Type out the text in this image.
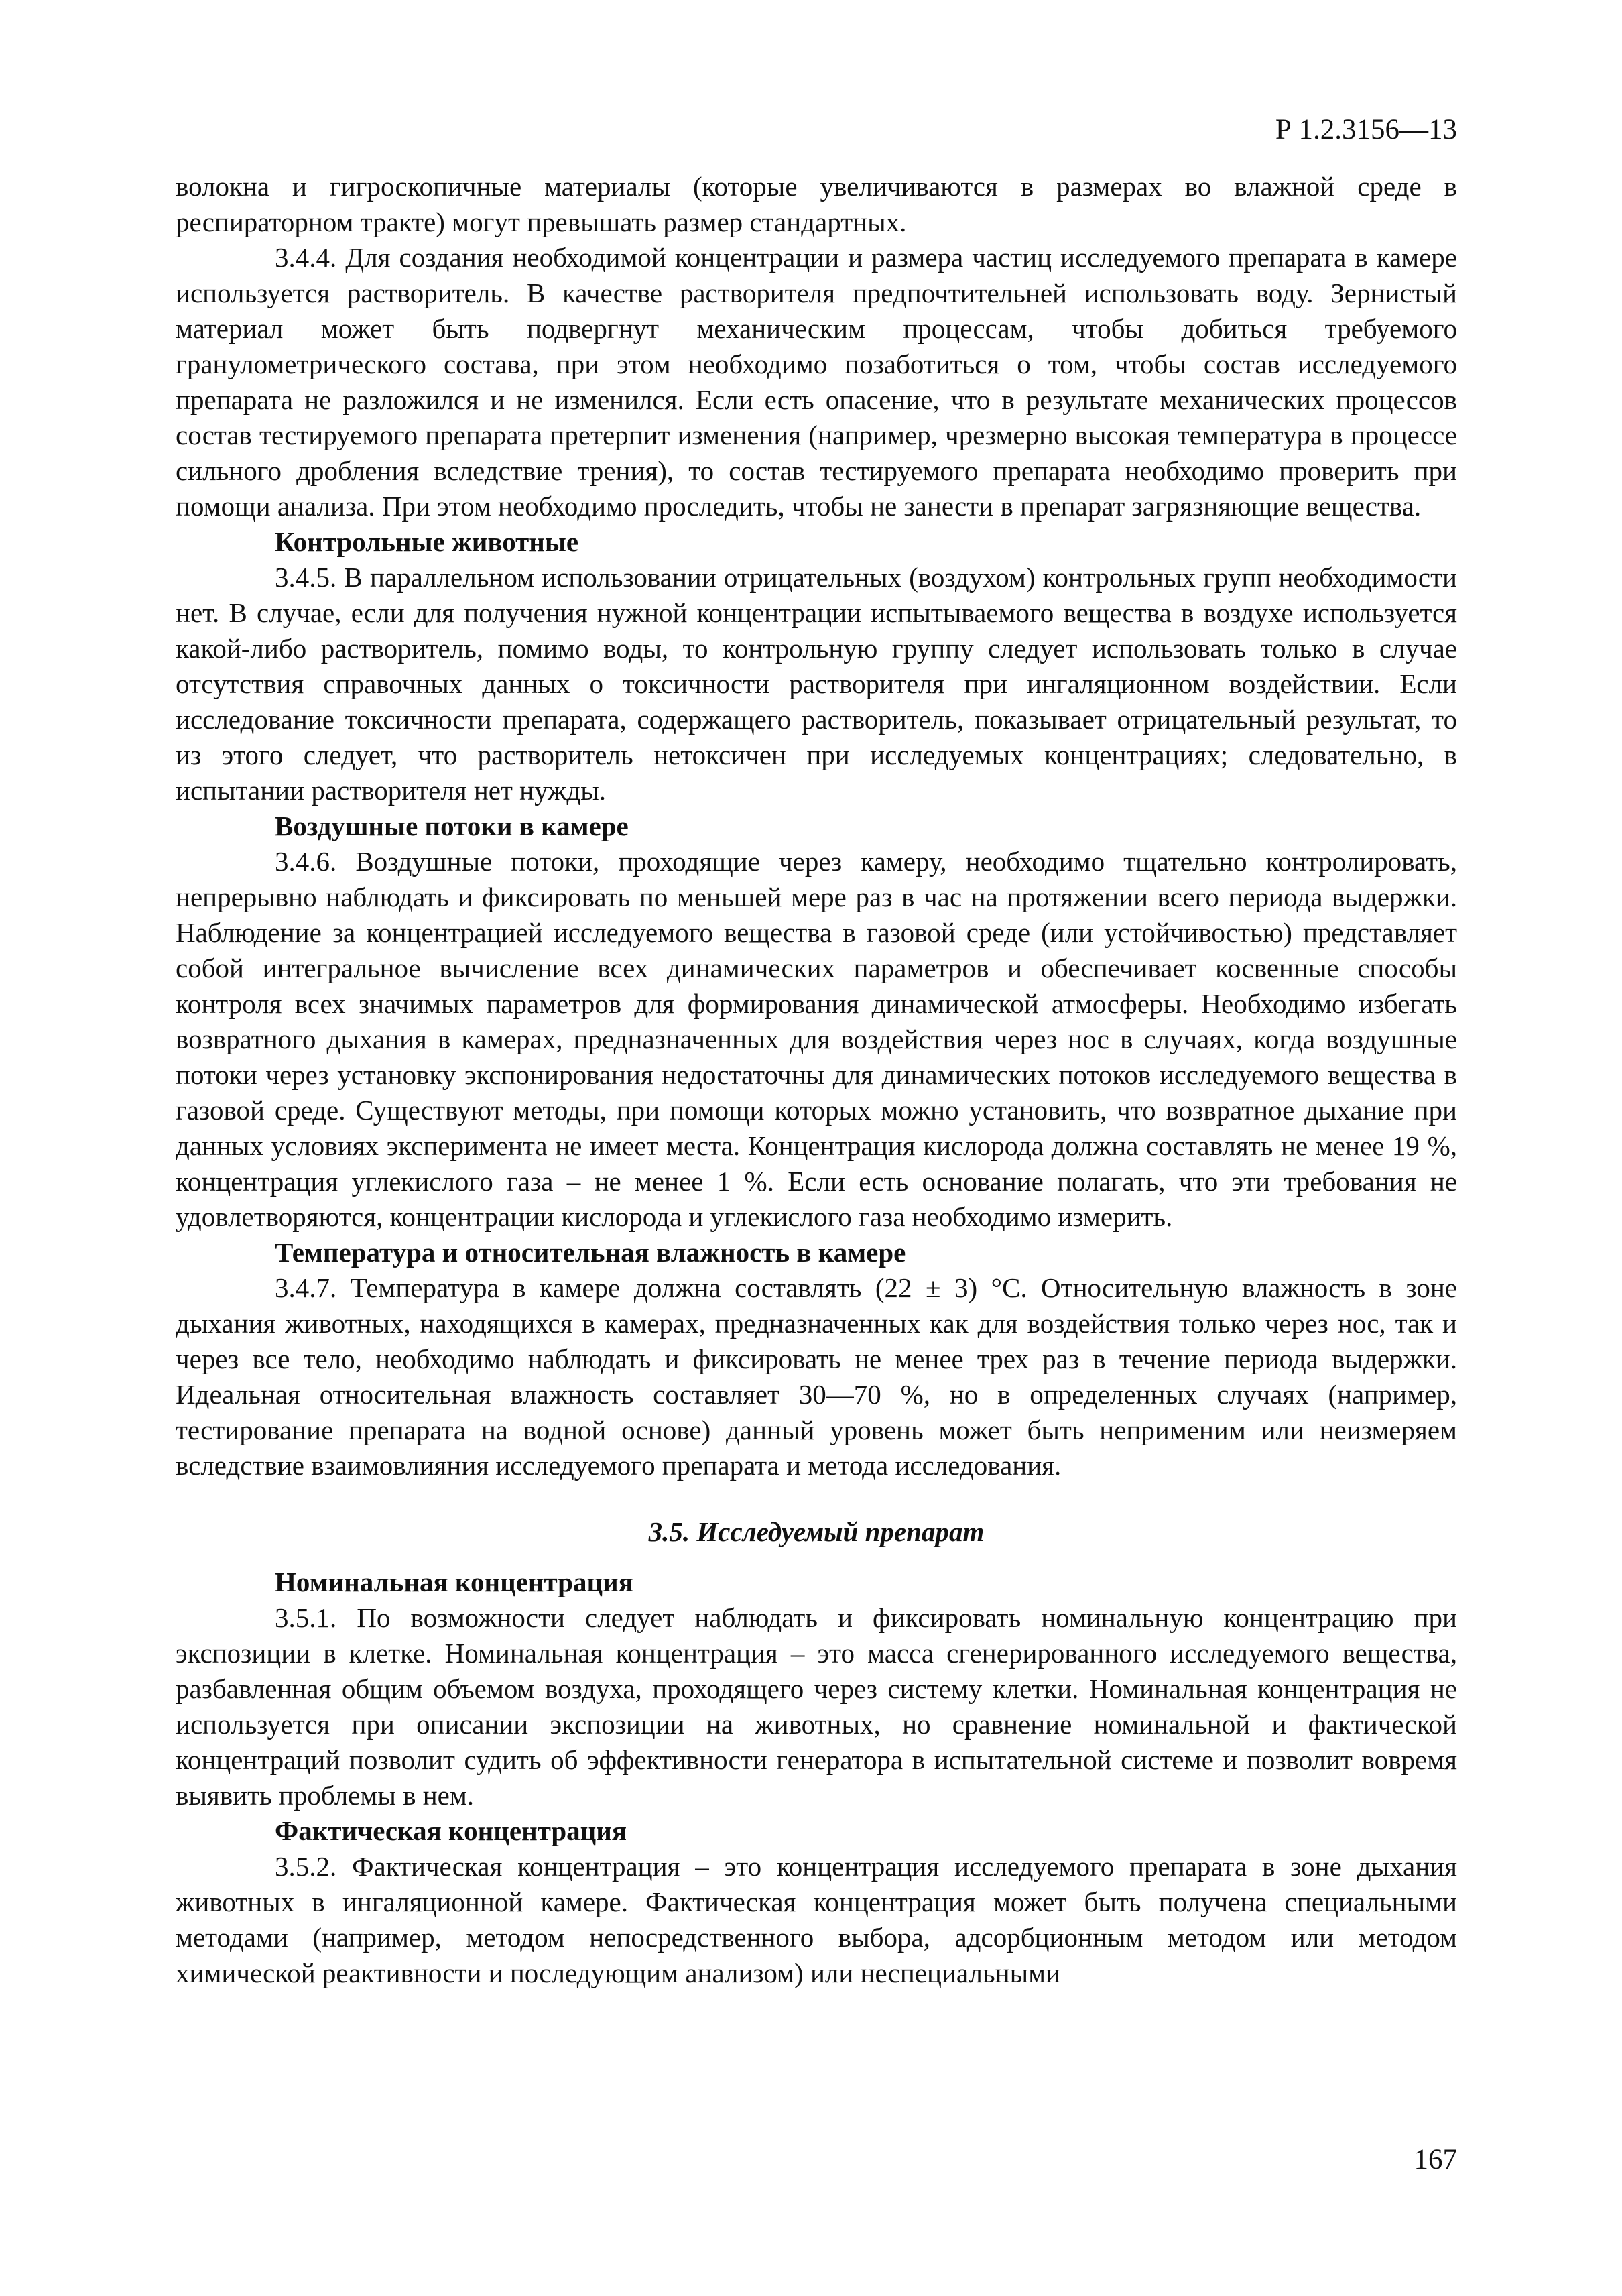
Р 1.2.3156—13

волокна и гигроскопичные материалы (которые увеличиваются в размерах во влажной среде в респираторном тракте) могут превышать размер стандартных.

3.4.4. Для создания необходимой концентрации и размера частиц исследуемого препарата в камере используется растворитель. В качестве растворителя предпочтительней использовать воду. Зернистый материал может быть подвергнут механическим процессам, чтобы добиться требуемого гранулометрического состава, при этом необходимо позаботиться о том, чтобы состав исследуемого препарата не разложился и не изменился. Если есть опасение, что в результате механических процессов состав тестируемого препарата претерпит изменения (например, чрезмерно высокая температура в процессе сильного дробления вследствие трения), то состав тестируемого препарата необходимо проверить при помощи анализа. При этом необходимо проследить, чтобы не занести в препарат загрязняющие вещества.

Контрольные животные

3.4.5. В параллельном использовании отрицательных (воздухом) контрольных групп необходимости нет. В случае, если для получения нужной концентрации испытываемого вещества в воздухе используется какой-либо растворитель, помимо воды, то контрольную группу следует использовать только в случае отсутствия справочных данных о токсичности растворителя при ингаляционном воздействии. Если исследование токсичности препарата, содержащего растворитель, показывает отрицательный результат, то из этого следует, что растворитель нетоксичен при исследуемых концентрациях; следовательно, в испытании растворителя нет нужды.

Воздушные потоки в камере

3.4.6. Воздушные потоки, проходящие через камеру, необходимо тщательно контролировать, непрерывно наблюдать и фиксировать по меньшей мере раз в час на протяжении всего периода выдержки. Наблюдение за концентрацией исследуемого вещества в газовой среде (или устойчивостью) представляет собой интегральное вычисление всех динамических параметров и обеспечивает косвенные способы контроля всех значимых параметров для формирования динамической атмосферы. Необходимо избегать возвратного дыхания в камерах, предназначенных для воздействия через нос в случаях, когда воздушные потоки через установку экспонирования недостаточны для динамических потоков исследуемого вещества в газовой среде. Существуют методы, при помощи которых можно установить, что возвратное дыхание при данных условиях эксперимента не имеет места. Концентрация кислорода должна составлять не менее 19 %, концентрация углекислого газа – не менее 1 %. Если есть основание полагать, что эти требования не удовлетворяются, концентрации кислорода и углекислого газа необходимо измерить.

Температура и относительная влажность в камере

3.4.7. Температура в камере должна составлять (22 ± 3) °С. Относительную влажность в зоне дыхания животных, находящихся в камерах, предназначенных как для воздействия только через нос, так и через все тело, необходимо наблюдать и фиксировать не менее трех раз в течение периода выдержки. Идеальная относительная влажность составляет 30—70 %, но в определенных случаях (например, тестирование препарата на водной основе) данный уровень может быть неприменим или неизмеряем вследствие взаимовлияния исследуемого препарата и метода исследования.

3.5. Исследуемый препарат

Номинальная концентрация

3.5.1. По возможности следует наблюдать и фиксировать номинальную концентрацию при экспозиции в клетке. Номинальная концентрация – это масса сгенерированного исследуемого вещества, разбавленная общим объемом воздуха, проходящего через систему клетки. Номинальная концентрация не используется при описании экспозиции на животных, но сравнение номинальной и фактической концентраций позволит судить об эффективности генератора в испытательной системе и позволит вовремя выявить проблемы в нем.

Фактическая концентрация

3.5.2. Фактическая концентрация – это концентрация исследуемого препарата в зоне дыхания животных в ингаляционной камере. Фактическая концентрация может быть получена специальными методами (например, методом непосредственного выбора, адсорбционным методом или методом химической реактивности и последующим анализом) или неспециальными

167
